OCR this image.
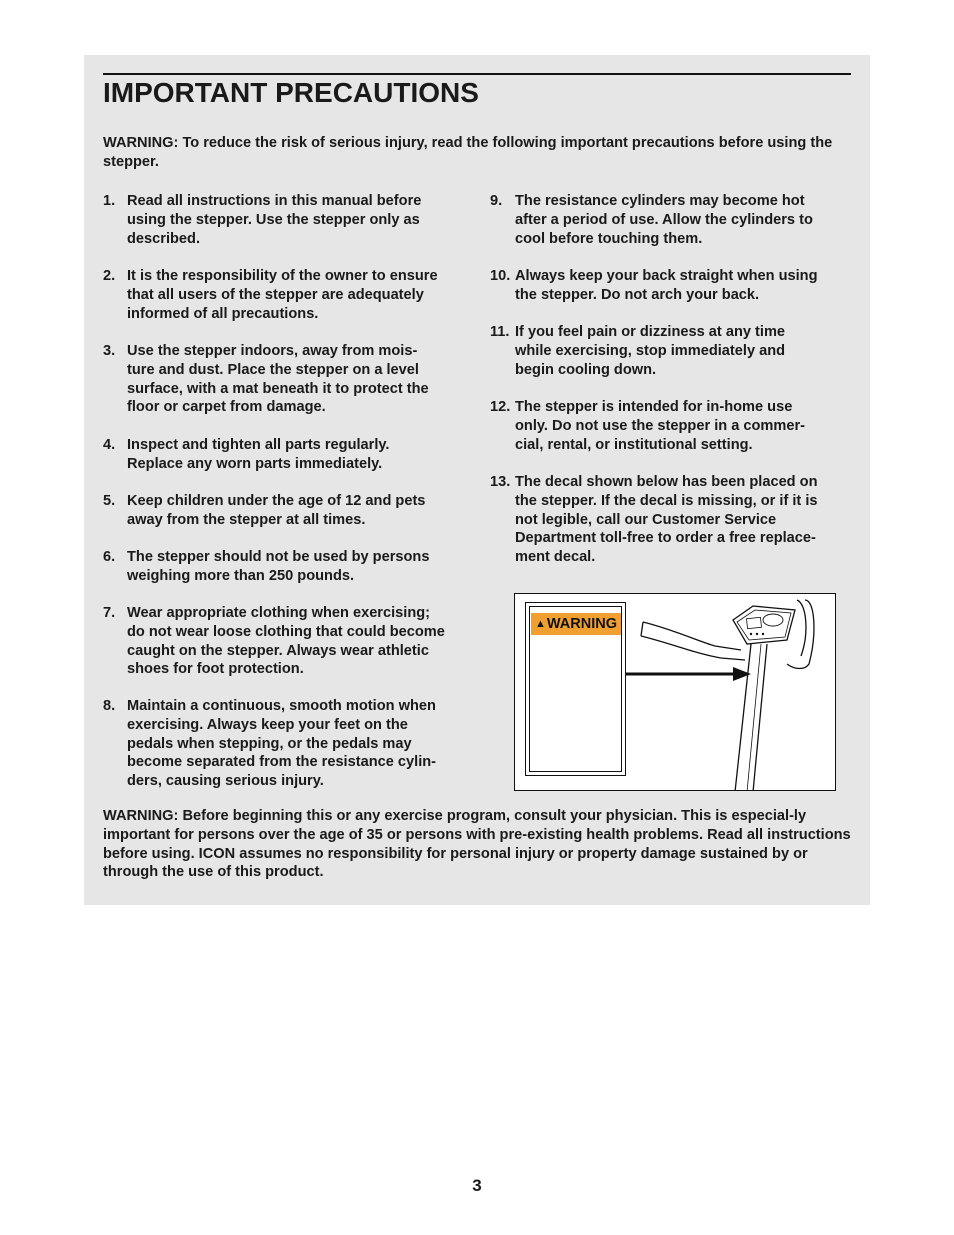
IMPORTANT PRECAUTIONS

WARNING: To reduce the risk of serious injury, read the following important precautions before using the stepper.

1. Read all instructions in this manual before
using the stepper. Use the stepper only as
described.
2. It is the responsibility of the owner to ensure
that all users of the stepper are adequately
informed of all precautions.
3. Use the stepper indoors, away from mois-
ture and dust. Place the stepper on a level
surface, with a mat beneath it to protect the
floor or carpet from damage.
4. Inspect and tighten all parts regularly.
Replace any worn parts immediately.
5. Keep children under the age of 12 and pets
away from the stepper at all times.
6. The stepper should not be used by persons
weighing more than 250 pounds.
7. Wear appropriate clothing when exercising;
do not wear loose clothing that could become
caught on the stepper. Always wear athletic
shoes for foot protection.
8. Maintain a continuous, smooth motion when
exercising. Always keep your feet on the
pedals when stepping, or the pedals may
become separated from the resistance cylin-
ders, causing serious injury.
9. The resistance cylinders may become hot
after a period of use. Allow the cylinders to
cool before touching them.
10. Always keep your back straight when using
the stepper. Do not arch your back.
11. If you feel pain or dizziness at any time
while exercising, stop immediately and
begin cooling down.
12. The stepper is intended for in-home use
only. Do not use the stepper in a commer-
cial, rental, or institutional setting.
13. The decal shown below has been placed on
the stepper. If the decal is missing, or if it is
not legible, call our Customer Service
Department toll-free to order a free replace-
ment decal.
▲ WARNING

WARNING: Before beginning this or any exercise program, consult your physician. This is especial-ly important for persons over the age of 35 or persons with pre-existing health problems. Read all instructions before using. ICON assumes no responsibility for personal injury or property damage sustained by or through the use of this product.

3
